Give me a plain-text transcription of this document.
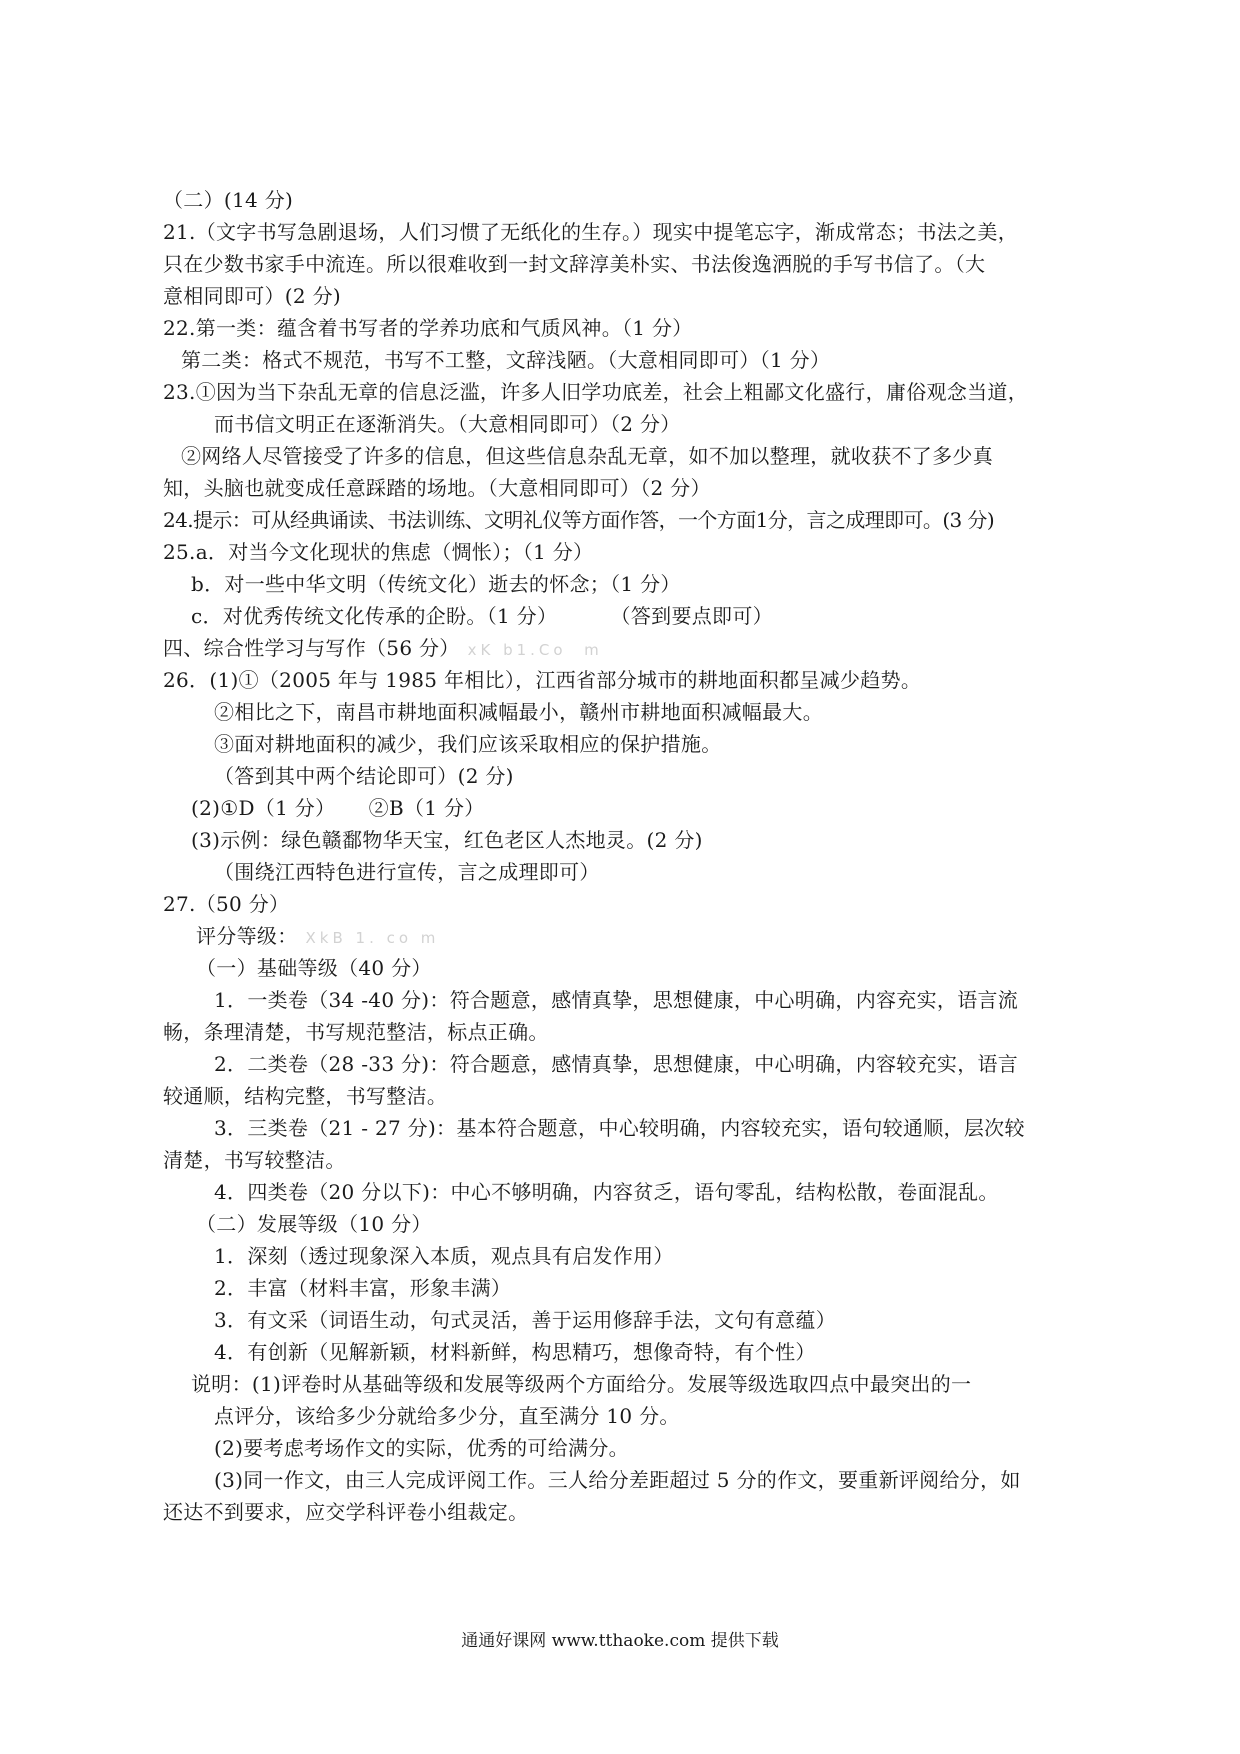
（二）(14 分)
21.（文字书写急剧退场，人们习惯了无纸化的生存。）现实中提笔忘字，渐成常态；书法之美，
只在少数书家手中流连。所以很难收到一封文辞淳美朴实、书法俊逸洒脱的手写书信了。（大
意相同即可）(2 分)
22.第一类：蕴含着书写者的学养功底和气质风神。（1 分）
第二类：格式不规范，书写不工整，文辞浅陋。（大意相同即可）（1 分）
23.①因为当下杂乱无章的信息泛滥，许多人旧学功底差，社会上粗鄙文化盛行，庸俗观念当道，
而书信文明正在逐渐消失。（大意相同即可）（2 分）
②网络人尽管接受了许多的信息，但这些信息杂乱无章，如不加以整理，就收获不了多少真
知，头脑也就变成任意踩踏的场地。（大意相同即可）（2 分）
24.提示：可从经典诵读、书法训练、文明礼仪等方面作答，一个方面1分，言之成理即可。(3 分)
25.a．对当今文化现状的焦虑（惆怅）；（1 分）
b．对一些中华文明（传统文化）逝去的怀念；（1 分）
c．对优秀传统文化传承的企盼。（1 分）        （答到要点即可）
四、综合性学习与写作（56 分） xK b1.Co  m
26．(1)①（2005 年与 1985 年相比），江西省部分城市的耕地面积都呈减少趋势。
②相比之下，南昌市耕地面积减幅最小，赣州市耕地面积减幅最大。
③面对耕地面积的减少，我们应该采取相应的保护措施。
（答到其中两个结论即可）(2 分)
(2)①D（1 分）     ②B（1 分）
(3)示例：绿色赣鄱物华天宝，红色老区人杰地灵。(2 分)
（围绕江西特色进行宣传，言之成理即可）
27.（50 分）
评分等级： XkB 1. co m
（一）基础等级（40 分）
1．一类卷（34 -40 分)：符合题意，感情真挚，思想健康，中心明确，内容充实，语言流
畅，条理清楚，书写规范整洁，标点正确。
2．二类卷（28 -33 分)：符合题意，感情真挚，思想健康，中心明确，内容较充实，语言
较通顺，结构完整，书写整洁。
3．三类卷（21 - 27 分)：基本符合题意，中心较明确，内容较充实，语句较通顺，层次较
清楚，书写较整洁。
4．四类卷（20 分以下)：中心不够明确，内容贫乏，语句零乱，结构松散，卷面混乱。
（二）发展等级（10 分）
1．深刻（透过现象深入本质，观点具有启发作用）
2．丰富（材料丰富，形象丰满）
3．有文采（词语生动，句式灵活，善于运用修辞手法，文句有意蕴）
4．有创新（见解新颖，材料新鲜，构思精巧，想像奇特，有个性）
说明：(1)评卷时从基础等级和发展等级两个方面给分。发展等级选取四点中最突出的一
点评分，该给多少分就给多少分，直至满分 10 分。
(2)要考虑考场作文的实际，优秀的可给满分。
(3)同一作文，由三人完成评阅工作。三人给分差距超过 5 分的作文，要重新评阅给分，如
还达不到要求，应交学科评卷小组裁定。
通通好课网 www.tthaoke.com 提供下载
